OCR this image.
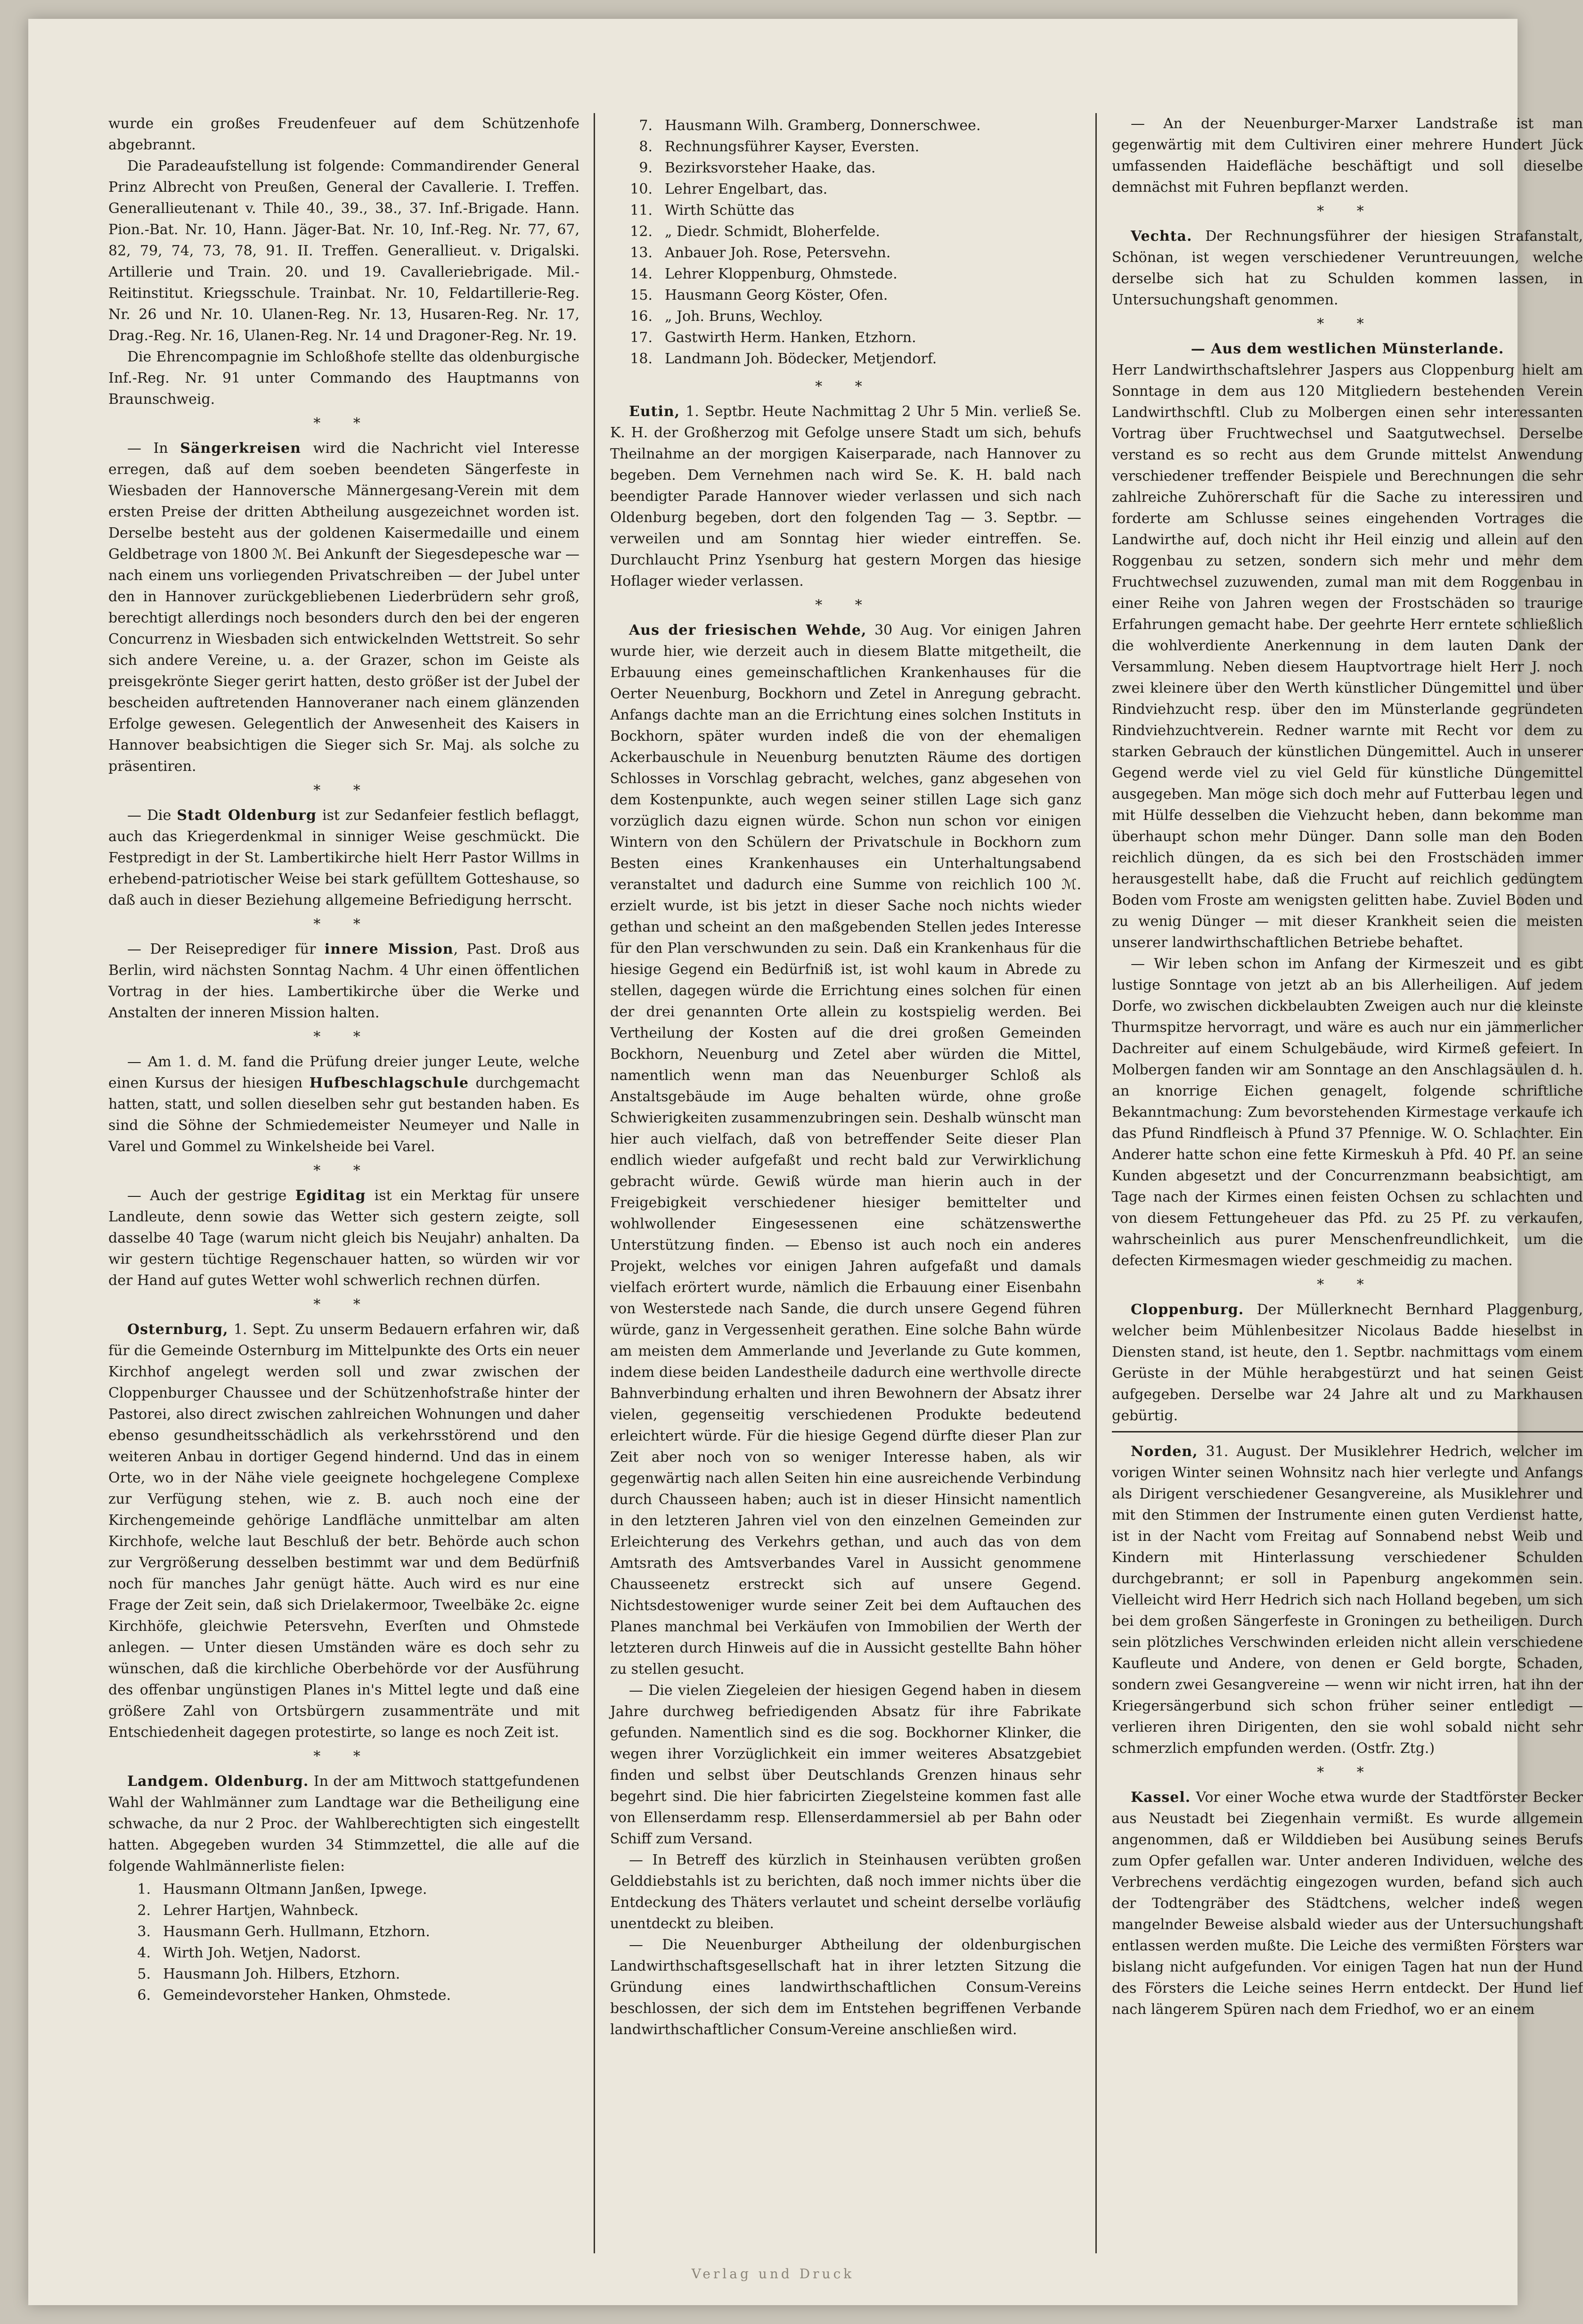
wurde ein großes Freudenfeuer auf dem Schützenhofe abgebrannt.

Die Paradeaufstellung ist folgende: Commandirender General Prinz Albrecht von Preußen, General der Cavallerie. I. Treffen. Generallieutenant v. Thile 40., 39., 38., 37. Inf.-Brigade. Hann. Pion.-Bat. Nr. 10, Hann. Jäger-Bat. Nr. 10, Inf.-Reg. Nr. 77, 67, 82, 79, 74, 73, 78, 91. II. Treffen. Generallieut. v. Drigalski. Artillerie und Train. 20. und 19. Cavalleriebrigade. Mil.-Reitinstitut. Kriegsschule. Trainbat. Nr. 10, Feldartillerie-Reg. Nr. 26 und Nr. 10. Ulanen-Reg. Nr. 13, Husaren-Reg. Nr. 17, Drag.-Reg. Nr. 16, Ulanen-Reg. Nr. 14 und Dragoner-Reg. Nr. 19.

Die Ehrencompagnie im Schloßhofe stellte das oldenburgische Inf.-Reg. Nr. 91 unter Commando des Hauptmanns von Braunschweig.

* *

— In Sängerkreisen wird die Nachricht viel Interesse erregen, daß auf dem soeben beendeten Sängerfeste in Wiesbaden der Hannoversche Männergesang-Verein mit dem ersten Preise der dritten Abtheilung ausgezeichnet worden ist. Derselbe besteht aus der goldenen Kaisermedaille und einem Geldbetrage von 1800 ℳ. Bei Ankunft der Siegesdepesche war — nach einem uns vorliegenden Privatschreiben — der Jubel unter den in Hannover zurückgebliebenen Liederbrüdern sehr groß, berechtigt allerdings noch besonders durch den bei der engeren Concurrenz in Wiesbaden sich entwickelnden Wettstreit. So sehr sich andere Vereine, u. a. der Grazer, schon im Geiste als preisgekrönte Sieger gerirt hatten, desto größer ist der Jubel der bescheiden auftretenden Hannoveraner nach einem glänzenden Erfolge gewesen. Gelegentlich der Anwesenheit des Kaisers in Hannover beabsichtigen die Sieger sich Sr. Maj. als solche zu präsentiren.

* *

— Die Stadt Oldenburg ist zur Sedanfeier festlich beflaggt, auch das Kriegerdenkmal in sinniger Weise geschmückt. Die Festpredigt in der St. Lambertikirche hielt Herr Pastor Willms in erhebend-patriotischer Weise bei stark gefülltem Gotteshause, so daß auch in dieser Beziehung allgemeine Befriedigung herrscht.

* *

— Der Reiseprediger für innere Mission, Past. Droß aus Berlin, wird nächsten Sonntag Nachm. 4 Uhr einen öffentlichen Vortrag in der hies. Lambertikirche über die Werke und Anstalten der inneren Mission halten.

* *

— Am 1. d. M. fand die Prüfung dreier junger Leute, welche einen Kursus der hiesigen Hufbeschlagschule durchgemacht hatten, statt, und sollen dieselben sehr gut bestanden haben. Es sind die Söhne der Schmiedemeister Neumeyer und Nalle in Varel und Gommel zu Winkelsheide bei Varel.

* *

— Auch der gestrige Egiditag ist ein Merktag für unsere Landleute, denn sowie das Wetter sich gestern zeigte, soll dasselbe 40 Tage (warum nicht gleich bis Neujahr) anhalten. Da wir gestern tüchtige Regenschauer hatten, so würden wir vor der Hand auf gutes Wetter wohl schwerlich rechnen dürfen.

* *

Osternburg, 1. Sept. Zu unserm Bedauern erfahren wir, daß für die Gemeinde Osternburg im Mittelpunkte des Orts ein neuer Kirchhof angelegt werden soll und zwar zwischen der Cloppenburger Chaussee und der Schützenhofstraße hinter der Pastorei, also direct zwischen zahlreichen Wohnungen und daher ebenso gesundheitsschädlich als verkehrsstörend und den weiteren Anbau in dortiger Gegend hindernd. Und das in einem Orte, wo in der Nähe viele geeignete hochgelegene Complexe zur Verfügung stehen, wie z. B. auch noch eine der Kirchengemeinde gehörige Landfläche unmittelbar am alten Kirchhofe, welche laut Beschluß der betr. Behörde auch schon zur Vergrößerung desselben bestimmt war und dem Bedürfniß noch für manches Jahr genügt hätte. Auch wird es nur eine Frage der Zeit sein, daß sich Drielakermoor, Tweelbäke 2c. eigne Kirchhöfe, gleichwie Petersvehn, Everſten und Ohmstede anlegen. — Unter diesen Umständen wäre es doch sehr zu wünschen, daß die kirchliche Oberbehörde vor der Ausführung des offenbar ungünstigen Planes in's Mittel legte und daß eine größere Zahl von Ortsbürgern zusammenträte und mit Entschiedenheit dagegen protestirte, so lange es noch Zeit ist.

* *

Landgem. Oldenburg. In der am Mittwoch stattgefundenen Wahl der Wahlmänner zum Landtage war die Betheiligung eine schwache, da nur 2 Proc. der Wahlberechtigten sich eingestellt hatten. Abgegeben wurden 34 Stimmzettel, die alle auf die folgende Wahlmännerliste fielen:

1. Hausmann Oltmann Janßen, Ipwege.
2. Lehrer Hartjen, Wahnbeck.
3. Hausmann Gerh. Hullmann, Etzhorn.
4. Wirth Joh. Wetjen, Nadorst.
5. Hausmann Joh. Hilbers, Etzhorn.
6. Gemeindevorsteher Hanken, Ohmstede.
7. Hausmann Wilh. Gramberg, Donnerschwee.
8. Rechnungsführer Kayser, Eversten.
9. Bezirksvorsteher Haake, das.
10. Lehrer Engelbart, das.
11. Wirth Schütte das
12. „ Diedr. Schmidt, Bloherfelde.
13. Anbauer Joh. Rose, Petersvehn.
14. Lehrer Kloppenburg, Ohmstede.
15. Hausmann Georg Köster, Ofen.
16. „ Joh. Bruns, Wechloy.
17. Gastwirth Herm. Hanken, Etzhorn.
18. Landmann Joh. Bödecker, Metjendorf.
* *

Eutin, 1. Septbr. Heute Nachmittag 2 Uhr 5 Min. verließ Se. K. H. der Großherzog mit Gefolge unsere Stadt um sich, behufs Theilnahme an der morgigen Kaiserparade, nach Hannover zu begeben. Dem Vernehmen nach wird Se. K. H. bald nach beendigter Parade Hannover wieder verlassen und sich nach Oldenburg begeben, dort den folgenden Tag — 3. Septbr. — verweilen und am Sonntag hier wieder eintreffen. Se. Durchlaucht Prinz Ysenburg hat gestern Morgen das hiesige Hoflager wieder verlassen.

* *

Aus der friesischen Wehde, 30 Aug. Vor einigen Jahren wurde hier, wie derzeit auch in diesem Blatte mitgetheilt, die Erbauung eines gemeinschaftlichen Krankenhauses für die Oerter Neuenburg, Bockhorn und Zetel in Anregung gebracht. Anfangs dachte man an die Errichtung eines solchen Instituts in Bockhorn, später wurden indeß die von der ehemaligen Ackerbauschule in Neuenburg benutzten Räume des dortigen Schlosses in Vorschlag gebracht, welches, ganz abgesehen von dem Kostenpunkte, auch wegen seiner stillen Lage sich ganz vorzüglich dazu eignen würde. Schon nun schon vor einigen Wintern von den Schülern der Privatschule in Bockhorn zum Besten eines Krankenhauses ein Unterhaltungsabend veranstaltet und dadurch eine Summe von reichlich 100 ℳ. erzielt wurde, ist bis jetzt in dieser Sache noch nichts wieder gethan und scheint an den maßgebenden Stellen jedes Interesse für den Plan verschwunden zu sein. Daß ein Krankenhaus für die hiesige Gegend ein Bedürfniß ist, ist wohl kaum in Abrede zu stellen, dagegen würde die Errichtung eines solchen für einen der drei genannten Orte allein zu kostspielig werden. Bei Vertheilung der Kosten auf die drei großen Gemeinden Bockhorn, Neuenburg und Zetel aber würden die Mittel, namentlich wenn man das Neuenburger Schloß als Anstaltsgebäude im Auge behalten würde, ohne große Schwierigkeiten zusammenzubringen sein. Deshalb wünscht man hier auch vielfach, daß von betreffender Seite dieser Plan endlich wieder aufgefaßt und recht bald zur Verwirklichung gebracht würde. Gewiß würde man hierin auch in der Freigebigkeit verschiedener hiesiger bemittelter und wohlwollender Eingesessenen eine schätzenswerthe Unterstützung finden. — Ebenso ist auch noch ein anderes Projekt, welches vor einigen Jahren aufgefaßt und damals vielfach erörtert wurde, nämlich die Erbauung einer Eisenbahn von Westerstede nach Sande, die durch unsere Gegend führen würde, ganz in Vergessenheit gerathen. Eine solche Bahn würde am meisten dem Ammerlande und Jeverlande zu Gute kommen, indem diese beiden Landestheile dadurch eine werthvolle directe Bahnverbindung erhalten und ihren Bewohnern der Absatz ihrer vielen, gegenseitig verschiedenen Produkte bedeutend erleichtert würde. Für die hiesige Gegend dürfte dieser Plan zur Zeit aber noch von so weniger Interesse haben, als wir gegenwärtig nach allen Seiten hin eine ausreichende Verbindung durch Chausseen haben; auch ist in dieser Hinsicht namentlich in den letzteren Jahren viel von den einzelnen Gemeinden zur Erleichterung des Verkehrs gethan, und auch das von dem Amtsrath des Amtsverbandes Varel in Aussicht genommene Chausseenetz erstreckt sich auf unsere Gegend. Nichtsdestoweniger wurde seiner Zeit bei dem Auftauchen des Planes manchmal bei Verkäufen von Immobilien der Werth der letzteren durch Hinweis auf die in Aussicht gestellte Bahn höher zu stellen gesucht.

— Die vielen Ziegeleien der hiesigen Gegend haben in diesem Jahre durchweg befriedigenden Absatz für ihre Fabrikate gefunden. Namentlich sind es die sog. Bockhorner Klinker, die wegen ihrer Vorzüglichkeit ein immer weiteres Absatzgebiet finden und selbst über Deutschlands Grenzen hinaus sehr begehrt sind. Die hier fabricirten Ziegelsteine kommen fast alle von Ellenserdamm resp. Ellenserdammersiel ab per Bahn oder Schiff zum Versand.

— In Betreff des kürzlich in Steinhausen verübten großen Gelddiebstahls ist zu berichten, daß noch immer nichts über die Entdeckung des Thäters verlautet und scheint derselbe vorläufig unentdeckt zu bleiben.

— Die Neuenburger Abtheilung der oldenburgischen Landwirthschaftsgesellschaft hat in ihrer letzten Sitzung die Gründung eines landwirthschaftlichen Consum-Vereins beschlossen, der sich dem im Entstehen begriffenen Verbande landwirthschaftlicher Consum-Vereine anschließen wird.

— An der Neuenburger-Marxer Landstraße ist man gegenwärtig mit dem Cultiviren einer mehrere Hundert Jück umfassenden Haidefläche beschäftigt und soll dieselbe demnächst mit Fuhren bepflanzt werden.

* *

Vechta. Der Rechnungsführer der hiesigen Strafanstalt, Schönan, ist wegen verschiedener Veruntreuungen, welche derselbe sich hat zu Schulden kommen lassen, in Untersuchungshaft genommen.

* *

— Aus dem westlichen Münsterlande.

Herr Landwirthschaftslehrer Jaspers aus Cloppenburg hielt am Sonntage in dem aus 120 Mitgliedern bestehenden Verein Landwirthschftl. Club zu Molbergen einen sehr interessanten Vortrag über Fruchtwechsel und Saatgutwechsel. Derselbe verstand es so recht aus dem Grunde mittelst Anwendung verschiedener treffender Beispiele und Berechnungen die sehr zahlreiche Zuhörerschaft für die Sache zu interessiren und forderte am Schlusse seines eingehenden Vortrages die Landwirthe auf, doch nicht ihr Heil einzig und allein auf den Roggenbau zu setzen, sondern sich mehr und mehr dem Fruchtwechsel zuzuwenden, zumal man mit dem Roggenbau in einer Reihe von Jahren wegen der Frostschäden so traurige Erfahrungen gemacht habe. Der geehrte Herr erntete schließlich die wohlverdiente Anerkennung in dem lauten Dank der Versammlung. Neben diesem Hauptvortrage hielt Herr J. noch zwei kleinere über den Werth künstlicher Düngemittel und über Rindviehzucht resp. über den im Münsterlande gegründeten Rindviehzuchtverein. Redner warnte mit Recht vor dem zu starken Gebrauch der künstlichen Düngemittel. Auch in unserer Gegend werde viel zu viel Geld für künstliche Düngemittel ausgegeben. Man möge sich doch mehr auf Futterbau legen und mit Hülfe desselben die Viehzucht heben, dann bekomme man überhaupt schon mehr Dünger. Dann solle man den Boden reichlich düngen, da es sich bei den Frostschäden immer herausgestellt habe, daß die Frucht auf reichlich gedüngtem Boden vom Froste am wenigsten gelitten habe. Zuviel Boden und zu wenig Dünger — mit dieser Krankheit seien die meisten unserer landwirthschaftlichen Betriebe behaftet.

— Wir leben schon im Anfang der Kirmeszeit und es gibt lustige Sonntage von jetzt ab an bis Allerheiligen. Auf jedem Dorfe, wo zwischen dickbelaubten Zweigen auch nur die kleinste Thurmspitze hervorragt, und wäre es auch nur ein jämmerlicher Dachreiter auf einem Schulgebäude, wird Kirmeß gefeiert. In Molbergen fanden wir am Sonntage an den Anschlagsäulen d. h. an knorrige Eichen genagelt, folgende schriftliche Bekanntmachung: Zum bevorstehenden Kirmestage verkaufe ich das Pfund Rindfleisch à Pfund 37 Pfennige. W. O. Schlachter. Ein Anderer hatte schon eine fette Kirmeskuh à Pfd. 40 Pf. an seine Kunden abgesetzt und der Concurrenzmann beabsichtigt, am Tage nach der Kirmes einen feisten Ochsen zu schlachten und von diesem Fettungeheuer das Pfd. zu 25 Pf. zu verkaufen, wahrscheinlich aus purer Menschenfreundlichkeit, um die defecten Kirmesmagen wieder geschmeidig zu machen.

* *

Cloppenburg. Der Müllerknecht Bernhard Plaggenburg, welcher beim Mühlenbesitzer Nicolaus Badde hieselbst in Diensten stand, ist heute, den 1. Septbr. nachmittags vom einem Gerüste in der Mühle herabgestürzt und hat seinen Geist aufgegeben. Derselbe war 24 Jahre alt und zu Markhausen gebürtig.

Norden, 31. August. Der Musiklehrer Hedrich, welcher im vorigen Winter seinen Wohnsitz nach hier verlegte und Anfangs als Dirigent verschiedener Gesangvereine, als Musiklehrer und mit den Stimmen der Instrumente einen guten Verdienst hatte, ist in der Nacht vom Freitag auf Sonnabend nebst Weib und Kindern mit Hinterlassung verschiedener Schulden durchgebrannt; er soll in Papenburg angekommen sein. Vielleicht wird Herr Hedrich sich nach Holland begeben, um sich bei dem großen Sängerfeste in Groningen zu betheiligen. Durch sein plötzliches Verschwinden erleiden nicht allein verschiedene Kaufleute und Andere, von denen er Geld borgte, Schaden, sondern zwei Gesangvereine — wenn wir nicht irren, hat ihn der Kriegersängerbund sich schon früher seiner entledigt — verlieren ihren Dirigenten, den sie wohl sobald nicht sehr schmerzlich empfunden werden. (Ostfr. Ztg.)

* *

Kassel. Vor einer Woche etwa wurde der Stadtförster Becker aus Neustadt bei Ziegenhain vermißt. Es wurde allgemein angenommen, daß er Wilddieben bei Ausübung seines Berufs zum Opfer gefallen war. Unter anderen Individuen, welche des Verbrechens verdächtig eingezogen wurden, befand sich auch der Todtengräber des Städtchens, welcher indeß wegen mangelnder Beweise alsbald wieder aus der Untersuchungshaft entlassen werden mußte. Die Leiche des vermißten Försters war bislang nicht aufgefunden. Vor einigen Tagen hat nun der Hund des Försters die Leiche seines Herrn entdeckt. Der Hund lief nach längerem Spüren nach dem Friedhof, wo er an einem

Verlag und Druck
